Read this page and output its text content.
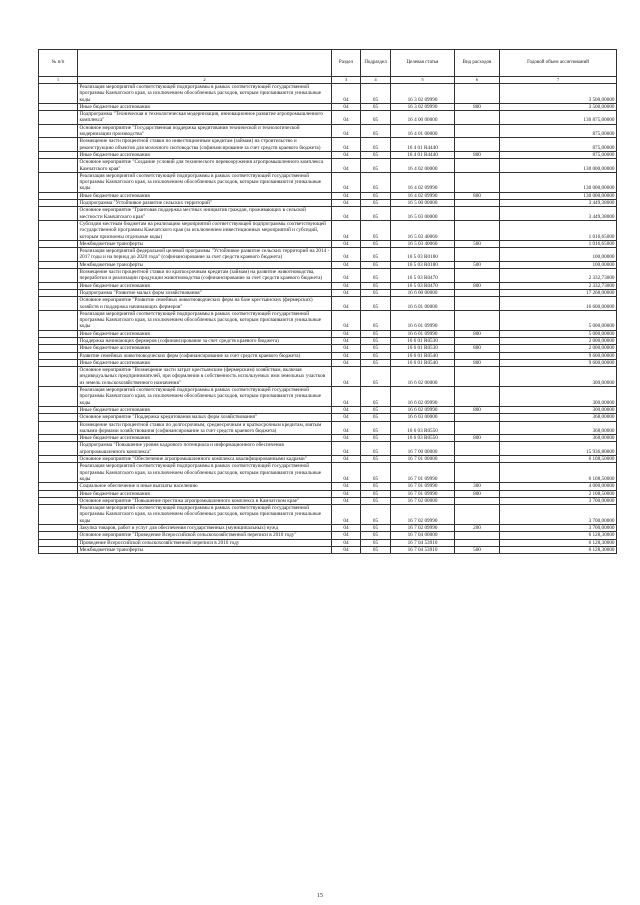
№ п/п		Раздел	Подраздел	Целевая статья	Вид расходов	Годовой объем ассигнований
1	2	3	4	5	6	7
	Реализация мероприятий соответствующей подпрограммы в рамках соответствующей государственной программы Камчатского края, за исключением обособленных расходов, которым присваиваются уникальные коды	04	05	16 3 02 09990		3 500,00000
	Иные бюджетные ассигнования	04	05	16 3 02 09990	800	3 500,00000
	Подпрограмма "Техническая и технологическая модернизация, инновационное развитие агропромышленного комплекса"	04	05	16 4 00 00000		130 875,00000
	Основное мероприятие "Государственная поддержка кредитования технической и технологической модернизации производства"	04	05	16 4 01 00000		875,00000
	Возмещение части процентной ставки по инвестиционным кредитам (займам) на строительство и реконструкцию объектов для молочного скотоводства (софинансирование за счет средств краевого бюджета)	04	05	16 4 01 R4440		875,00000
	Иные бюджетные ассигнования	04	05	16 4 01 R4440	800	875,00000
	Основное мероприятие "Создание условий для технического перевооружения агропромышленного комплекса Камчатского края"	04	05	16 4 02 00000		130 000,00000
	Реализация мероприятий соответствующей подпрограммы в рамках соответствующей государственной программы Камчатского края, за исключением обособленных расходов, которым присваиваются уникальные коды	04	05	16 4 02 09990		130 000,00000
	Иные бюджетные ассигнования	04	05	16 4 02 09990	800	130 000,00000
	Подпрограмма "Устойчивое развитие сельских территорий"	04	05	16 5 00 00000		3 449,38000
	Основное мероприятие "Грантовая поддержка местных инициатив граждан, проживающих в сельской местности Камчатского края"	04	05	16 5 03 00000		3 449,38000
	Субсидии местным бюджетам на реализацию мероприятий соответствующей подпрограммы соответствующей государственной программы Камчатского края (за исключением инвестиционных мероприятий и субсидий, которым присвоены отдельные коды)	04	05	16 5 03 40060		1 016,65000
	Межбюджетные трансферты	04	05	16 5 03 40060	500	1 016,65000
	Реализация мероприятий федеральной целевой программы "Устойчивое развитие сельских территорий на 2014 - 2017 годы и на период до 2020 года" (софинансирование за счет средств краевого бюджета)	04	05	16 5 03 R0180		100,00000
	Межбюджетные трансферты	04	05	16 5 03 R0180	500	100,00000
	Возмещение части процентной ставки по краткосрочным кредитам (займам) на развитие животноводства, переработки и реализации продукции животноводства (софинансирование за счет средств краевого бюджета)	04	05	16 5 03 R0470		2 332,73000
	Иные бюджетные ассигнования	04	05	16 5 03 R0470	800	2 332,73000
	Подпрограмма "Развитие малых форм хозяйствования"	04	05	16 6 00 00000		17 268,00000
	Основное мероприятие "Развитие семейных животноводческих ферм на базе крестьянских (фермерских) хозяйств и поддержка начинающих фермеров"	04	05	16 6 01 00000		16 600,00000
	Реализация мероприятий соответствующей подпрограммы в рамках соответствующей государственной программы Камчатского края, за исключением обособленных расходов, которым присваиваются уникальные коды	04	05	16 6 01 09990		5 000,00000
	Иные бюджетные ассигнования	04	05	16 6 01 09990	800	5 000,00000
	Поддержка начинающих фермеров (софинансирование за счет средств краевого бюджета)	04	05	16 6 01 R0530		2 000,00000
	Иные бюджетные ассигнования	04	05	16 6 01 R0530	800	2 000,00000
	Развитие семейных животноводческих ферм (софинансирование за счет средств краевого бюджета)	04	05	16 6 01 R0540		9 600,00000
	Иные бюджетные ассигнования	04	05	16 6 01 R0540	800	9 600,00000
	Основное мероприятие "Возмещение части затрат крестьянским (фермерским) хозяйствам, включая индивидуальных предпринимателей, при оформлении в собственность используемых ими земельных участков из земель сельскохозяйственного назначения"	04	05	16 6 02 00000		300,00000
	Реализация мероприятий соответствующей подпрограммы в рамках соответствующей государственной программы Камчатского края, за исключением обособленных расходов, которым присваиваются уникальные коды	04	05	16 6 02 09990		300,00000
	Иные бюджетные ассигнования	04	05	16 6 02 09990	800	300,00000
	Основное мероприятие "Поддержка кредитования малых форм хозяйствования"	04	05	16 6 03 00000		368,00000
	Возмещение части процентной ставки по долгосрочным, среднесрочным и краткосрочным кредитам, взятым малыми формами хозяйствования (софинансирование за счет средств краевого бюджета)	04	05	16 6 03 R0550		368,00000
	Иные бюджетные ассигнования	04	05	16 6 03 R0550	800	368,00000
	Подпрограмма "Повышение уровня кадрового потенциала и информационного обеспечения агропромышленного комплекса"	04	05	16 7 00 00000		15 936,80000
	Основное мероприятие "Обеспечение агропромышленного комплекса квалифицированными кадрами"	04	05	16 7 01 00000		6 108,50000
	Реализация мероприятий соответствующей подпрограммы в рамках соответствующей государственной программы Камчатского края, за исключением обособленных расходов, которым присваиваются уникальные коды	04	05	16 7 01 09990		6 108,50000
	Социальное обеспечение и иные выплаты населению	04	05	16 7 01 09990	300	4 000,00000
	Иные бюджетные ассигнования	04	05	16 7 01 09990	800	2 108,50000
	Основное мероприятие "Повышение престижа агропромышленного комплекса в Камчатском крае"	04	05	16 7 02 00000		3 700,00000
	Реализация мероприятий соответствующей подпрограммы в рамках соответствующей государственной программы Камчатского края, за исключением обособленных расходов, которым присваиваются уникальные коды	04	05	16 7 02 09990		3 700,00000
	Закупка товаров, работ и услуг для обеспечения государственных (муниципальных) нужд	04	05	16 7 02 09990	200	3 700,00000
	Основное мероприятие "Проведение Всероссийской сельскохозяйственной переписи в 2016 году"	04	05	16 7 04 00000		6 128,30000
	Проведение Всероссийской сельскохозяйственной переписи в 2016 году	04	05	16 7 04 53910		6 128,30000
	Межбюджетные трансферты	04	05	16 7 04 53910	500	6 128,30000
15
